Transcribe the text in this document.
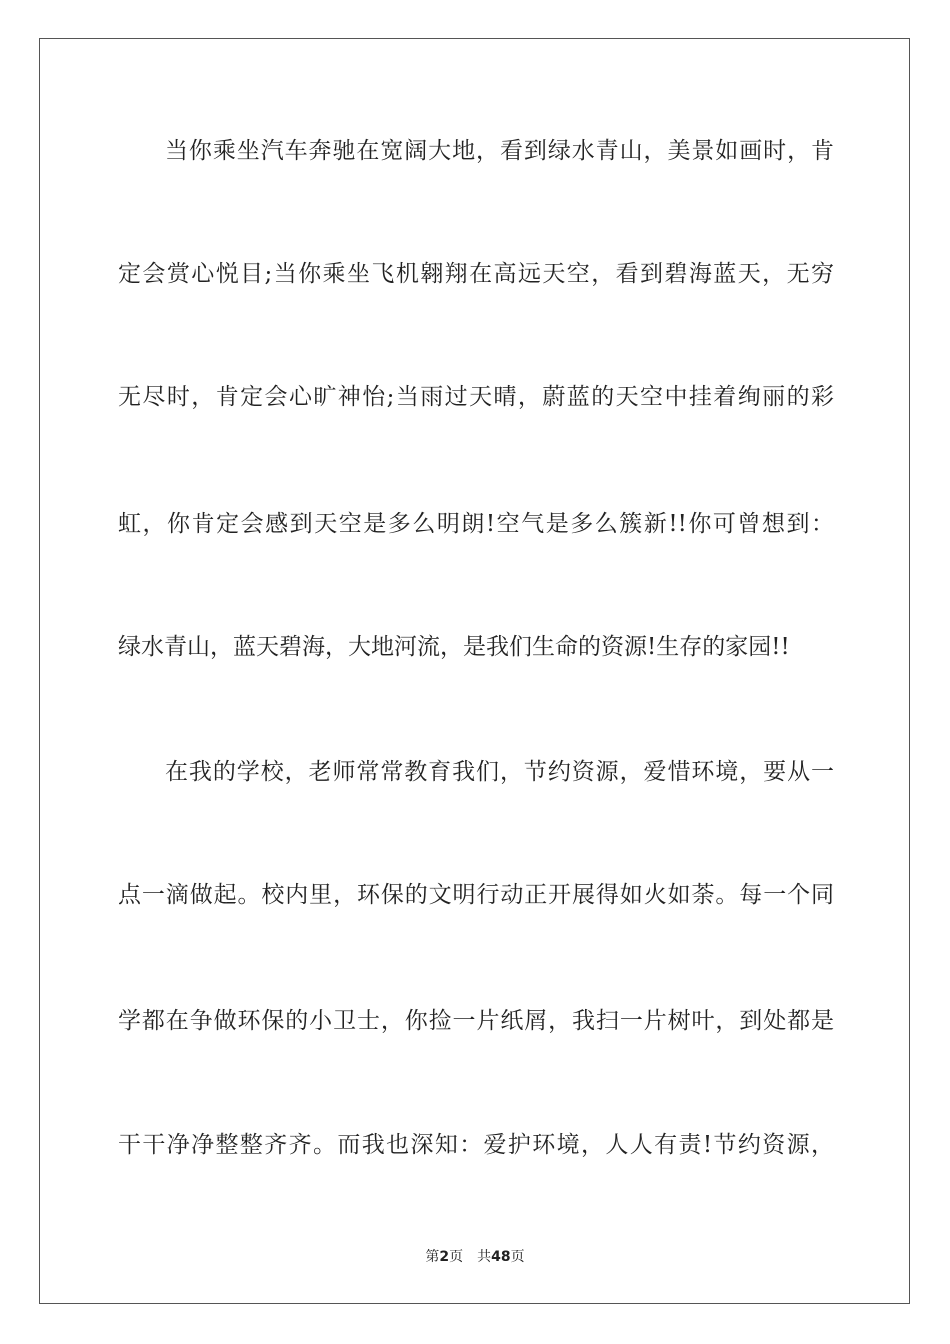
当你乘坐汽车奔驰在宽阔大地，看到绿水青山，美景如画时，肯
定会赏心悦目;当你乘坐飞机翱翔在高远天空，看到碧海蓝天，无穷
无尽时，肯定会心旷神怡;当雨过天晴，蔚蓝的天空中挂着绚丽的彩
虹，你肯定会感到天空是多么明朗!空气是多么簇新!!你可曾想到：
绿水青山，蓝天碧海，大地河流，是我们生命的资源!生存的家园!!
在我的学校，老师常常教育我们，节约资源，爱惜环境，要从一
点一滴做起。校内里，环保的文明行动正开展得如火如荼。每一个同
学都在争做环保的小卫士，你捡一片纸屑，我扫一片树叶，到处都是
干干净净整整齐齐。而我也深知：爱护环境，人人有责!节约资源，
第2页 共48页
